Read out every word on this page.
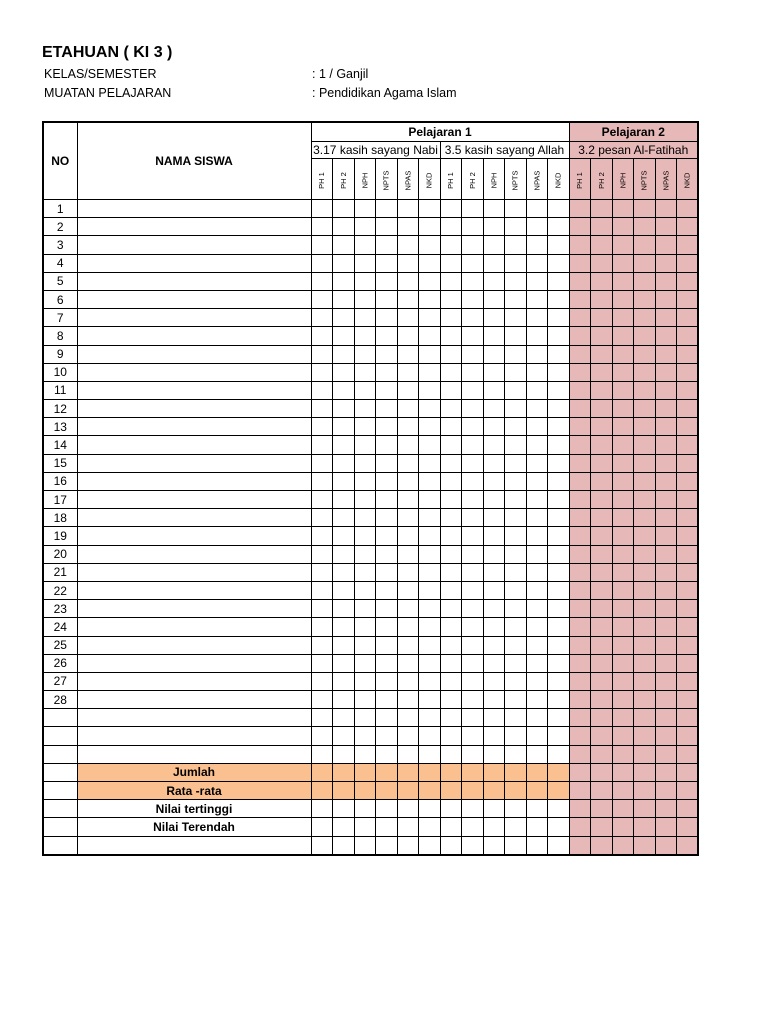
ETAHUAN ( KI 3 )
KELAS/SEMESTER	: 1 / Ganjil
MUATAN PELAJARAN	: Pendidikan Agama Islam
NO	NAMA SISWA	Pelajaran 1												Pelajaran 2					
		3.17 kasih sayang Nabi						3.5 kasih sayang Allah						3.2 pesan Al-Fatihah					
		PH 1	PH 2	NPH	NPTS	NPAS	NKD	PH 1	PH 2	NPH	NPTS	NPAS	NKD	PH 1	PH 2	NPH	NPTS	NPAS	NKD
1																			
2																			
3																			
4																			
5																			
6																			
7																			
8																			
9																			
10																			
11																			
12																			
13																			
14																			
15																			
16																			
17																			
18																			
19																			
20																			
21																			
22																			
23																			
24																			
25																			
26																			
27																			
28																			

	Jumlah																		
	Rata -rata																		
	Nilai tertinggi																		
	Nilai Terendah																		
